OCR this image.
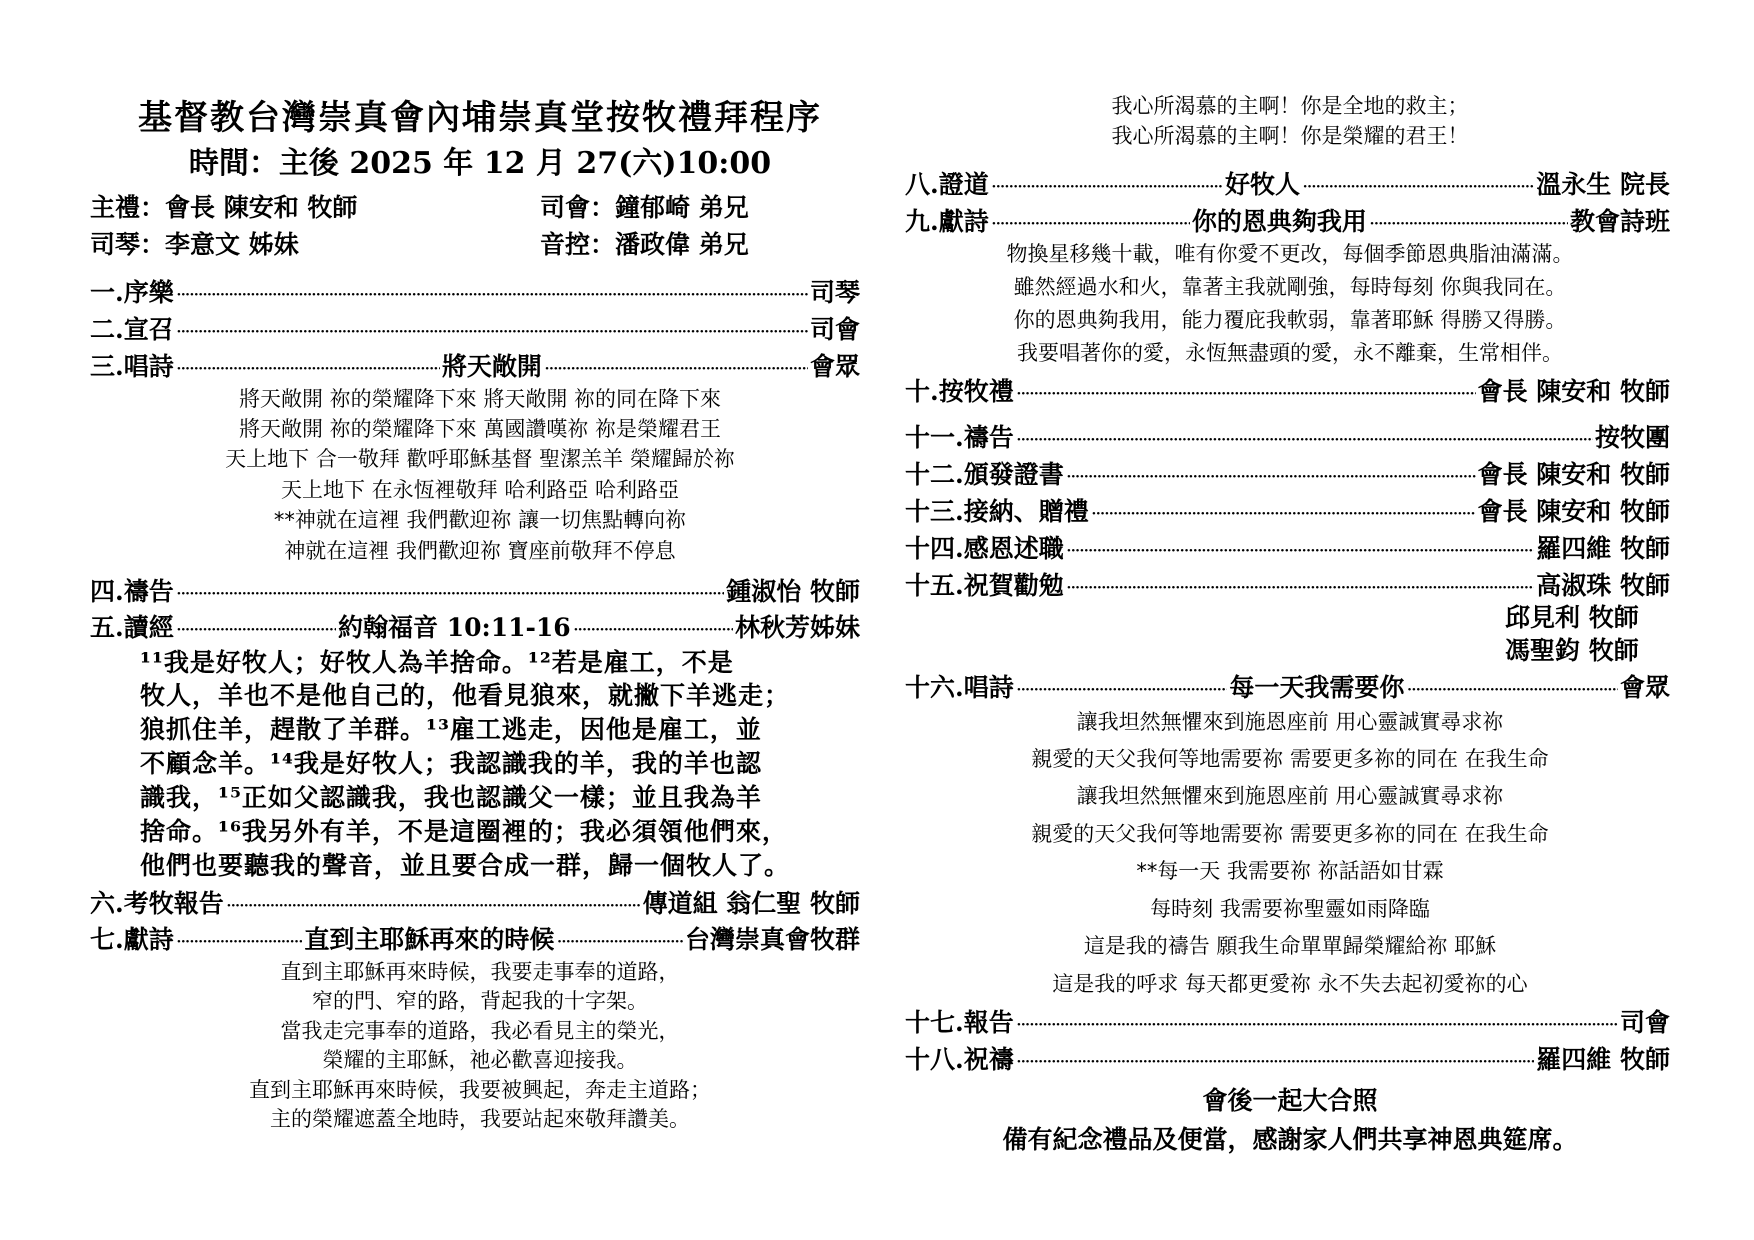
基督教台灣崇真會內埔崇真堂按牧禮拜程序
時間：主後 2025 年 12 月 27(六)10:00
主禮：會長 陳安和 牧師	司會：鐘郁崎 弟兄
司琴：李意文 姊妹	音控：潘政偉 弟兄
一.序樂 ·····	司琴
二.宣召 ·····	司會
三.唱詩 ·····	將天敞開 ·····	會眾
將天敞開 祢的榮耀降下來 將天敞開 祢的同在降下來
將天敞開 祢的榮耀降下來 萬國讚嘆祢 祢是榮耀君王
天上地下 合一敬拜 歡呼耶穌基督 聖潔羔羊 榮耀歸於祢
天上地下 在永恆裡敬拜 哈利路亞 哈利路亞
**神就在這裡 我們歡迎祢 讓一切焦點轉向祢
神就在這裡 我們歡迎祢 寶座前敬拜不停息
四.禱告 ·····	鍾淑怡 牧師
五.讀經 ·····	約翰福音 10:11-16 ·····	林秋芳姊妹
¹¹我是好牧人；好牧人為羊捨命。¹²若是雇工，不是
牧人，羊也不是他自己的，他看見狼來，就撇下羊逃走；
狼抓住羊，趕散了羊群。¹³雇工逃走，因他是雇工，並
不顧念羊。¹⁴我是好牧人；我認識我的羊，我的羊也認
識我，¹⁵正如父認識我，我也認識父一樣；並且我為羊
捨命。¹⁶我另外有羊，不是這圈裡的；我必須領他們來，
他們也要聽我的聲音，並且要合成一群，歸一個牧人了。
六.考牧報告 ·····	傳道組 翁仁聖 牧師
七.獻詩 ·····	直到主耶穌再來的時候 ·····	台灣崇真會牧群
直到主耶穌再來時候，我要走事奉的道路，
窄的門、窄的路，背起我的十字架。
當我走完事奉的道路，我必看見主的榮光，
榮耀的主耶穌，祂必歡喜迎接我。
直到主耶穌再來時候，我要被興起，奔走主道路；
主的榮耀遮蓋全地時，我要站起來敬拜讚美。
我心所渴慕的主啊！你是全地的救主；
我心所渴慕的主啊！你是榮耀的君王！
八.證道 ·····	好牧人 ·····	溫永生 院長
九.獻詩 ·····	你的恩典夠我用 ·····	教會詩班
物換星移幾十載，唯有你愛不更改，每個季節恩典脂油滿滿。
雖然經過水和火，靠著主我就剛強，每時每刻 你與我同在。
你的恩典夠我用，能力覆庇我軟弱，靠著耶穌 得勝又得勝。
我要唱著你的愛，永恆無盡頭的愛，永不離棄，生常相伴。
十.按牧禮 ·····	會長 陳安和 牧師
十一.禱告 ·····	按牧團
十二.頒發證書 ·····	會長 陳安和 牧師
十三.接納、贈禮 ·····	會長 陳安和 牧師
十四.感恩述職 ·····	羅四維 牧師
十五.祝賀勸勉 ·····	高淑珠 牧師
邱見利 牧師
馮聖鈞 牧師
十六.唱詩 ·····	每一天我需要你 ·····	會眾
讓我坦然無懼來到施恩座前 用心靈誠實尋求祢
親愛的天父我何等地需要祢 需要更多祢的同在 在我生命
讓我坦然無懼來到施恩座前 用心靈誠實尋求祢
親愛的天父我何等地需要祢 需要更多祢的同在 在我生命
**每一天 我需要祢 祢話語如甘霖
每時刻 我需要祢聖靈如雨降臨
這是我的禱告 願我生命單單歸榮耀給祢 耶穌
這是我的呼求 每天都更愛祢 永不失去起初愛祢的心
十七.報告 ·····	司會
十八.祝禱 ·····	羅四維 牧師
會後一起大合照
備有紀念禮品及便當，感謝家人們共享神恩典筵席。
